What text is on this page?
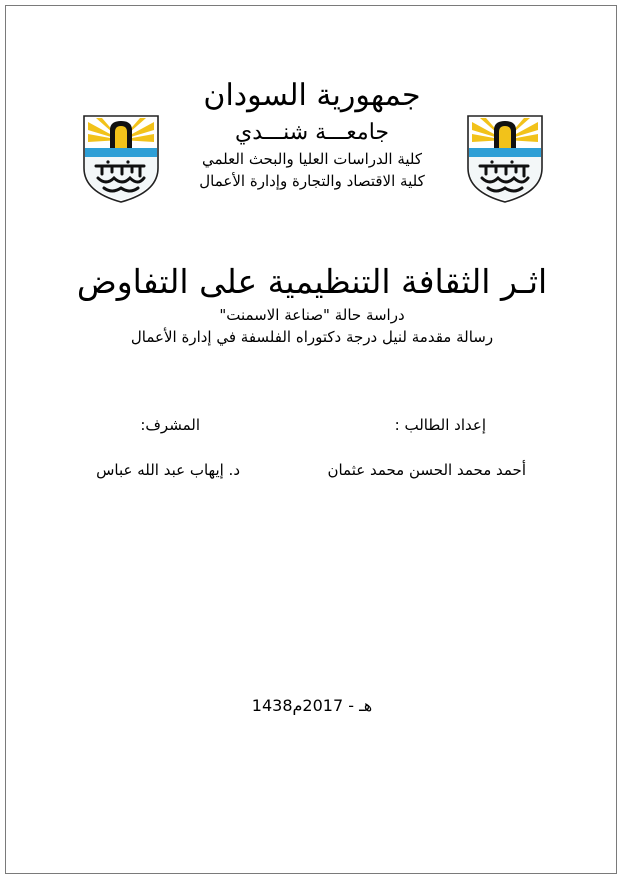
جمهورية السودان
جامعـــة شنـــدي
كلية الدراسات العليا والبحث العلمي
كلية الاقتصاد والتجارة وإدارة الأعمال
اثـر الثقافة التنظيمية على التفاوض
دراسة حالة "صناعة الاسمنت"
رسالة مقدمة لنيل درجة دكتوراه الفلسفة في إدارة الأعمال
إعداد الطالب :
المشرف:
أحمد محمد الحسن محمد عثمان
د. إيهاب عبد الله عباس
1438هـ - 2017م
